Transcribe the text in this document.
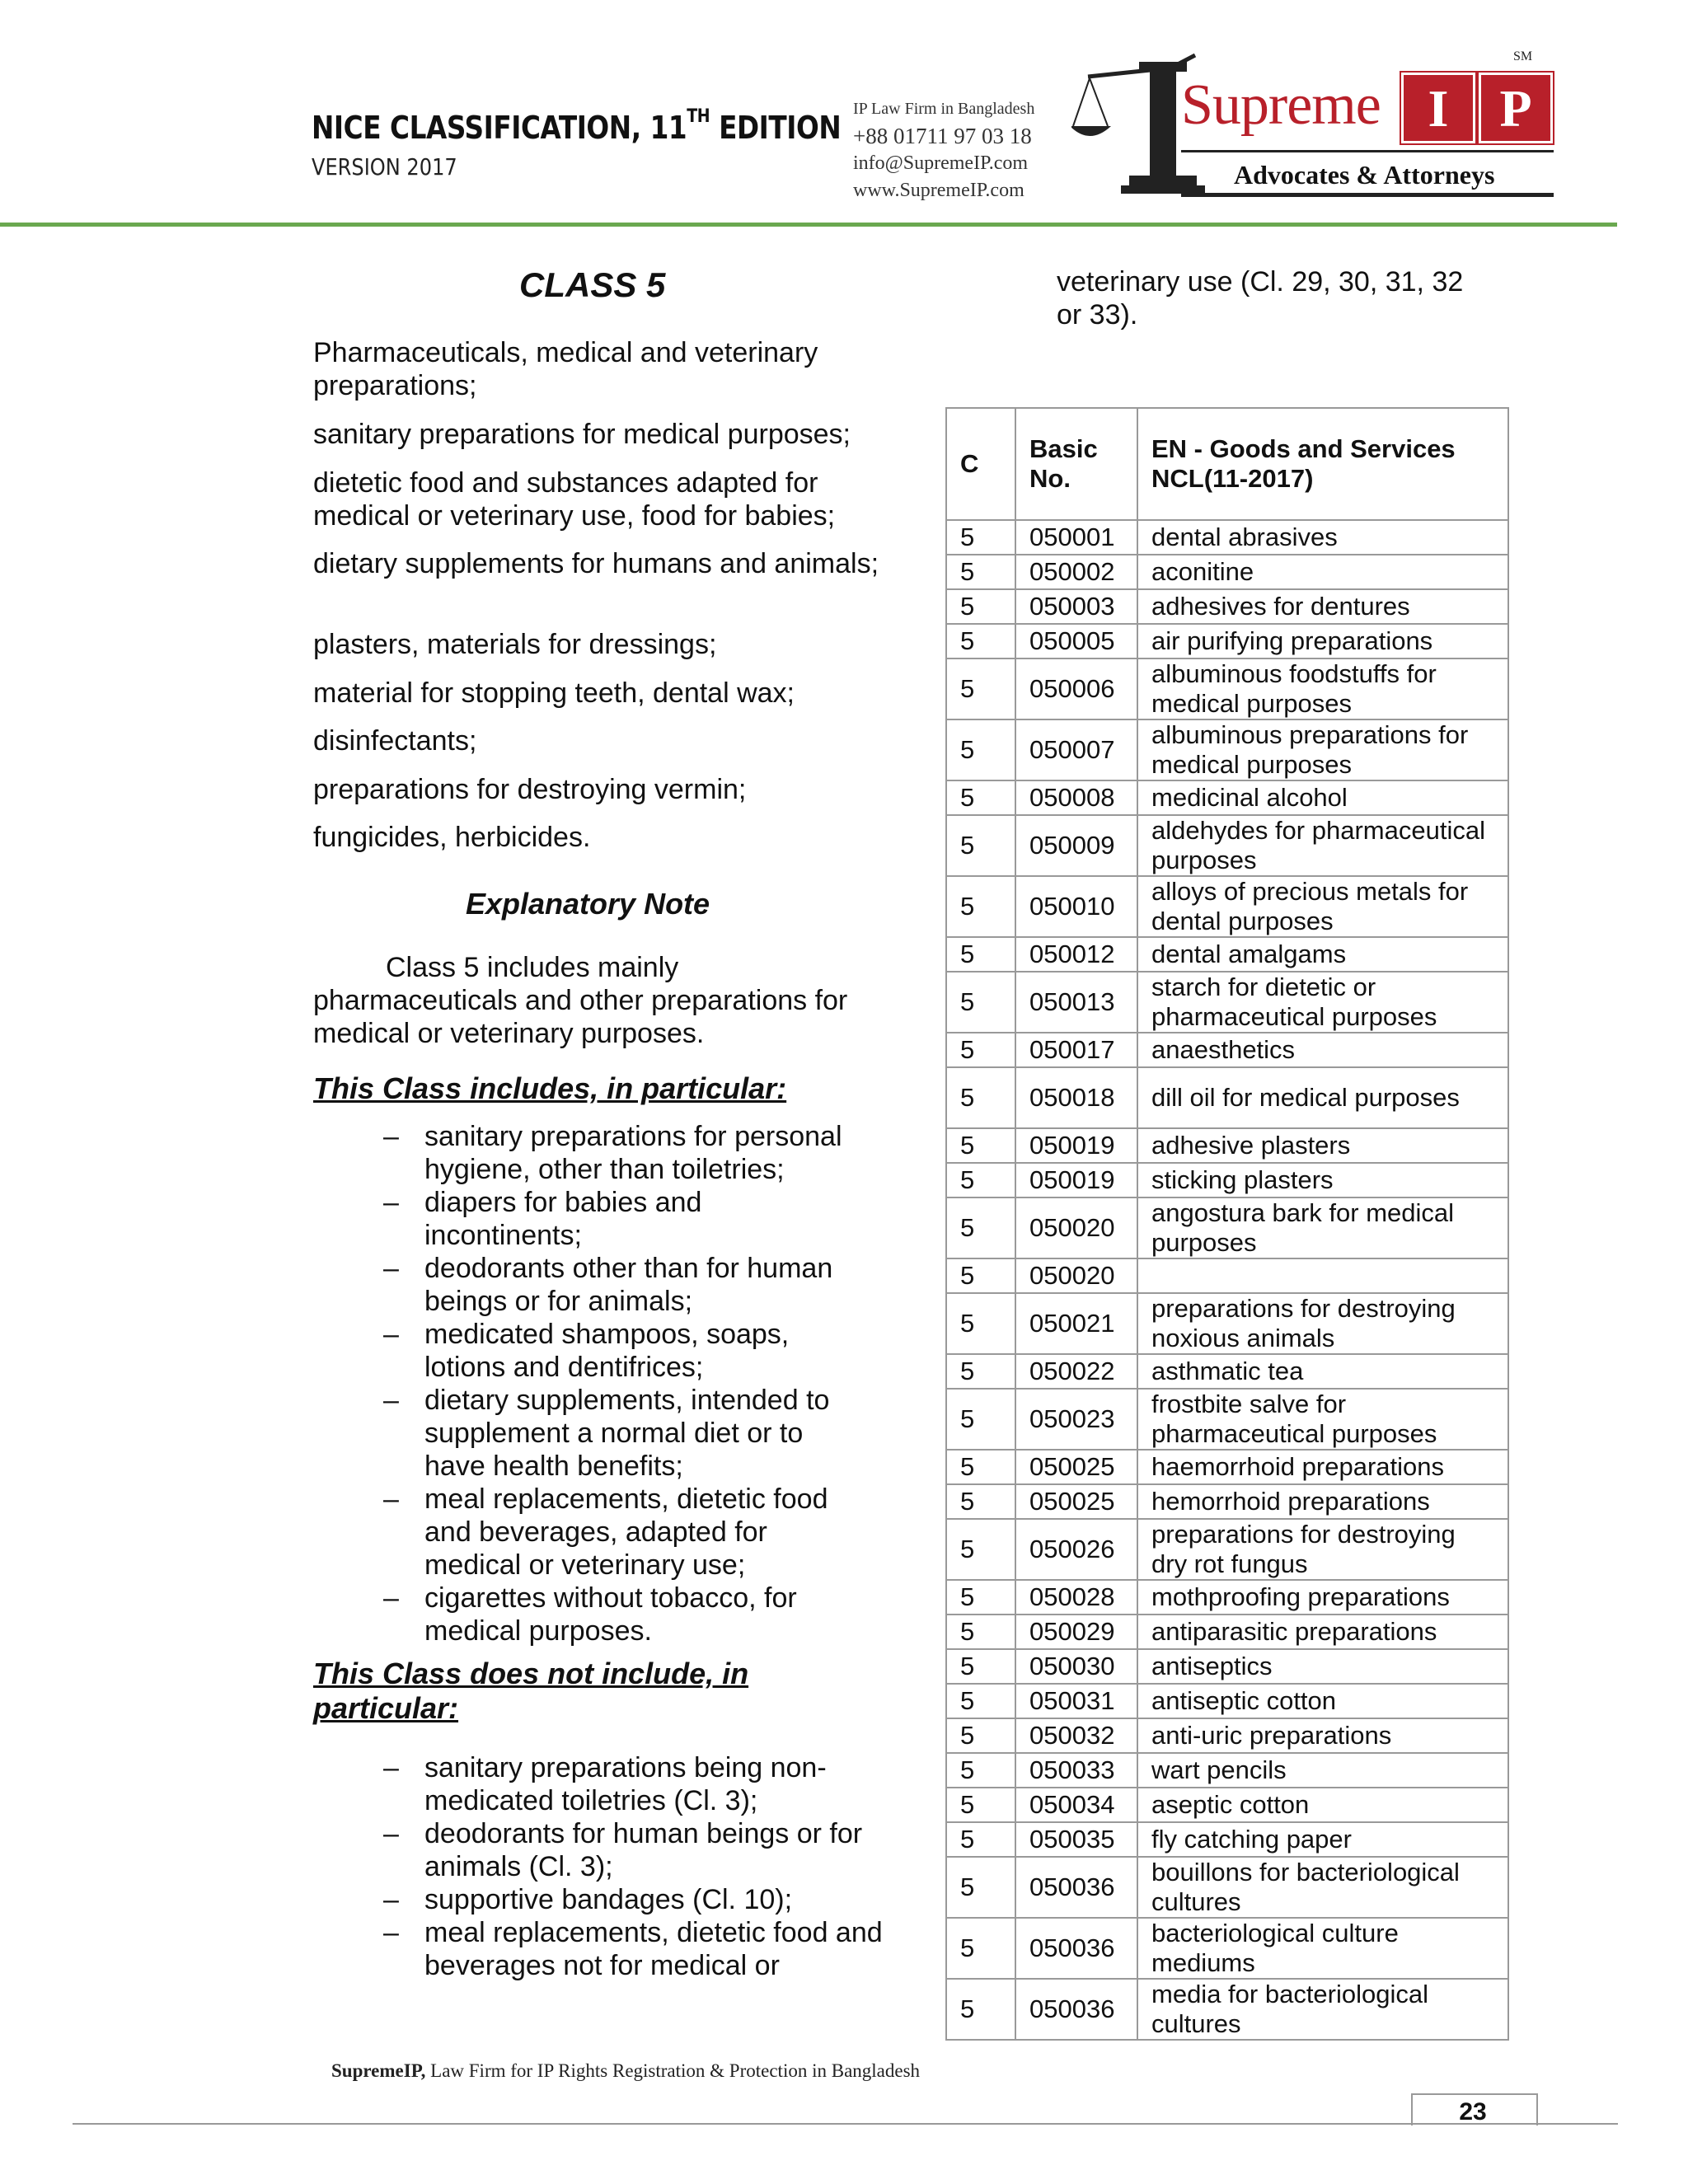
NICE CLASSIFICATION, 11TH EDITION
VERSION 2017
IP Law Firm in Bangladesh
+88 01711 97 03 18
info@SupremeIP.com
www.SupremeIP.com
SM
Supreme I P
Advocates & Attorneys
CLASS 5
Pharmaceuticals, medical and veterinary preparations;
sanitary preparations for medical purposes;
dietetic food and substances adapted for medical or veterinary use, food for babies;
dietary supplements for humans and animals;
plasters, materials for dressings;
material for stopping teeth, dental wax;
disinfectants;
preparations for destroying vermin;
fungicides, herbicides.
Explanatory Note
Class 5 includes mainly pharmaceuticals and other preparations for medical or veterinary purposes.
This Class includes, in particular:
– sanitary preparations for personal hygiene, other than toiletries;
– diapers for babies and incontinents;
– deodorants other than for human beings or for animals;
– medicated shampoos, soaps, lotions and dentifrices;
– dietary supplements, intended to supplement a normal diet or to have health benefits;
– meal replacements, dietetic food and beverages, adapted for medical or veterinary use;
– cigarettes without tobacco, for medical purposes.
This Class does not include, in particular:
– sanitary preparations being non-medicated toiletries (Cl. 3);
– deodorants for human beings or for animals (Cl. 3);
– supportive bandages (Cl. 10);
– meal replacements, dietetic food and beverages not for medical or
veterinary use (Cl. 29, 30, 31, 32 or 33).
C	Basic No.	EN - Goods and Services NCL(11-2017)
5	050001	dental abrasives
5	050002	aconitine
5	050003	adhesives for dentures
5	050005	air purifying preparations
5	050006	albuminous foodstuffs for medical purposes
5	050007	albuminous preparations for medical purposes
5	050008	medicinal alcohol
5	050009	aldehydes for pharmaceutical purposes
5	050010	alloys of precious metals for dental purposes
5	050012	dental amalgams
5	050013	starch for dietetic or pharmaceutical purposes
5	050017	anaesthetics
5	050018	dill oil for medical purposes
5	050019	adhesive plasters
5	050019	sticking plasters
5	050020	angostura bark for medical purposes
5	050020	
5	050021	preparations for destroying noxious animals
5	050022	asthmatic tea
5	050023	frostbite salve for pharmaceutical purposes
5	050025	haemorrhoid preparations
5	050025	hemorrhoid preparations
5	050026	preparations for destroying dry rot fungus
5	050028	mothproofing preparations
5	050029	antiparasitic preparations
5	050030	antiseptics
5	050031	antiseptic cotton
5	050032	anti-uric preparations
5	050033	wart pencils
5	050034	aseptic cotton
5	050035	fly catching paper
5	050036	bouillons for bacteriological cultures
5	050036	bacteriological culture mediums
5	050036	media for bacteriological cultures
SupremeIP, Law Firm for IP Rights Registration & Protection in Bangladesh
23
